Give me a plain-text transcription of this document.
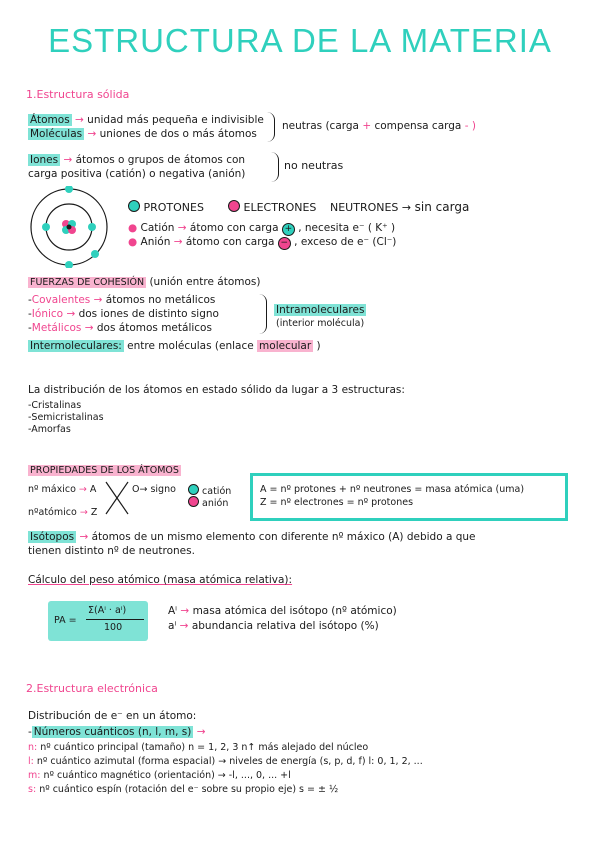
ESTRUCTURA DE LA MATERIA
1.Estructura sólida
Átomos → unidad más pequeña e indivisible
Moléculas → uniones de dos o más átomos
neutras (carga + compensa carga - )
Iones → átomos o grupos de átomos con
carga positiva (catión) o negativa (anión)
no neutras
PROTONES	ELECTRONES NEUTRONES → sin carga
● Catión → átomo con carga + , necesita e⁻ ( K⁺ )
● Anión → átomo con carga − , exceso de e⁻ (Cl⁻)
FUERZAS DE COHESIÓN (unión entre átomos)
-Covalentes → átomos no metálicos
-Iónico → dos iones de distinto signo
-Metálicos → dos átomos metálicos
Intramoleculares
(interior molécula)
Intermoleculares: entre moléculas (enlace molecular )
La distribución de los átomos en estado sólido da lugar a 3 estructuras:
-Cristalinas
-Semicristalinas
-Amorfas
PROPIEDADES DE LOS ÁTOMOS
nº máxico → A
nºatómico → Z
O→ signo	catión
anión
A = nº protones + nº neutrones = masa atómica (uma)
Z = nº electrones = nº protones
Isótopos → átomos de un mismo elemento con diferente nº máxico (A) debido a que
tienen distinto nº de neutrones.
Cálculo del peso atómico (masa atómica relativa):
PA =
Σ(Aⁱ · aⁱ)
100
Aⁱ → masa atómica del isótopo (nº atómico)
aⁱ → abundancia relativa del isótopo (%)
2.Estructura electrónica
Distribución de e⁻ en un átomo:
- Números cuánticos (n, l, m, s) →
n: nº cuántico principal (tamaño) n = 1, 2, 3 n↑ más alejado del núcleo
l: nº cuántico azimutal (forma espacial) → niveles de energía (s, p, d, f) l: 0, 1, 2, ...
m: nº cuántico magnético (orientación) → -l, ..., 0, ... +l
s: nº cuántico espín (rotación del e⁻ sobre su propio eje) s = ± ½
